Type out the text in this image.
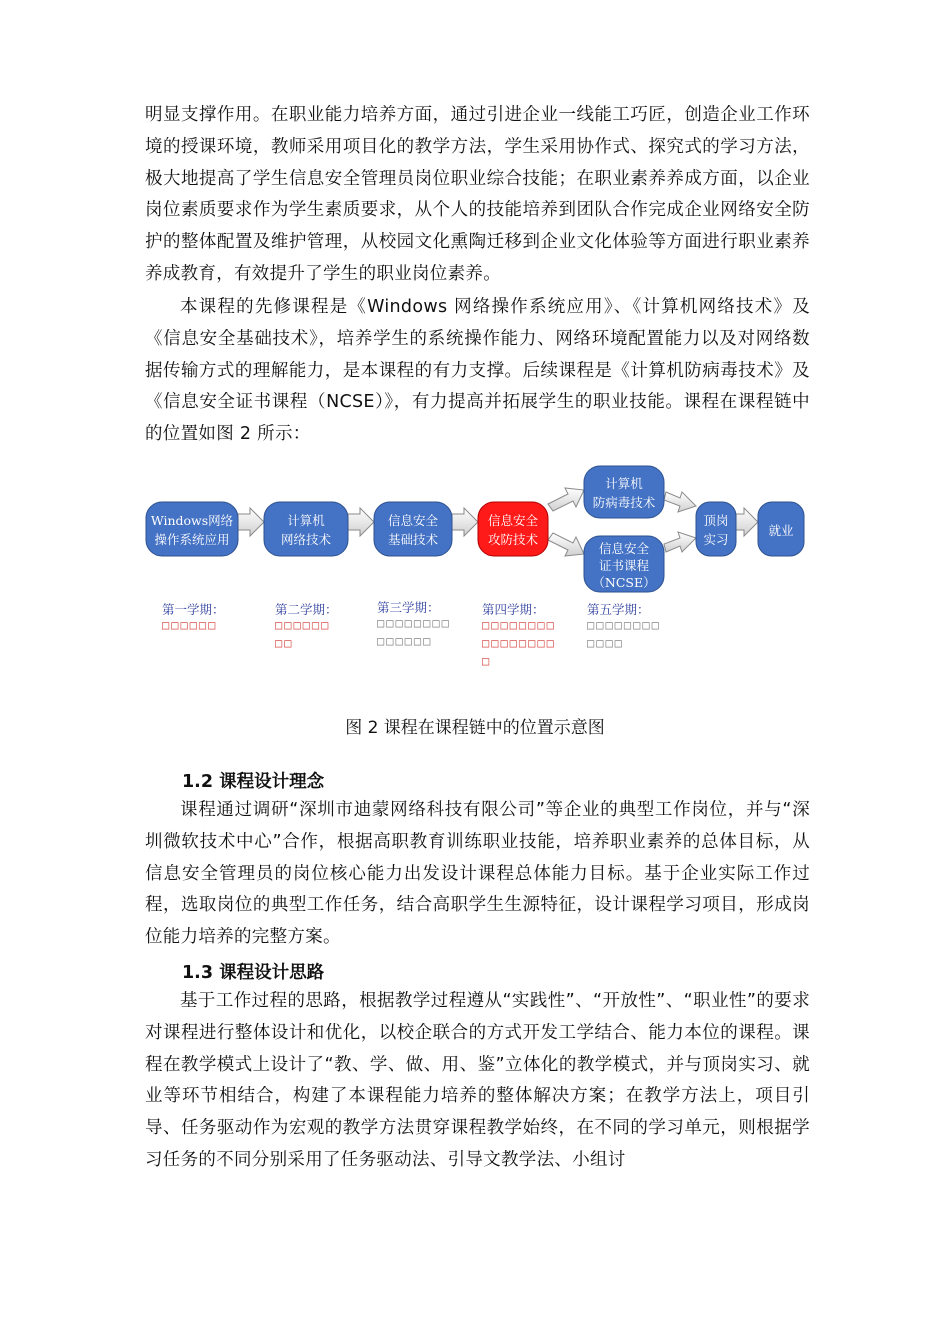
明显支撑作用。在职业能力培养方面，通过引进企业一线能工巧匠，创造企业工作环境的授课环境，教师采用项目化的教学方法，学生采用协作式、探究式的学习方法，极大地提高了学生信息安全管理员岗位职业综合技能；在职业素养养成方面，以企业岗位素质要求作为学生素质要求，从个人的技能培养到团队合作完成企业网络安全防护的整体配置及维护管理，从校园文化熏陶迁移到企业文化体验等方面进行职业素养养成教育，有效提升了学生的职业岗位素养。

本课程的先修课程是《Windows 网络操作系统应用》、《计算机网络技术》及《信息安全基础技术》，培养学生的系统操作能力、网络环境配置能力以及对网络数据传输方式的理解能力，是本课程的有力支撑。后续课程是《计算机防病毒技术》及《信息安全证书课程（NCSE）》，有力提高并拓展学生的职业技能。课程在课程链中的位置如图 2 所示：

Windows网络
操作系统应用
计算机
网络技术
信息安全
基础技术
信息安全
攻防技术
计算机
防病毒技术
信息安全
证书课程
（NCSE）
顶岗
实习
就业
第一学期：
□□□□□□
第二学期：
□□□□□□□□
第三学期：
□□□□□□□□□□□□□□
第四学期：
□□□□□□□□□□□□□□□□□
第五学期：
□□□□□□□□□□□□

图 2 课程在课程链中的位置示意图

1.2 课程设计理念

课程通过调研“深圳市迪蒙网络科技有限公司”等企业的典型工作岗位，并与“深圳微软技术中心”合作，根据高职教育训练职业技能，培养职业素养的总体目标，从信息安全管理员的岗位核心能力出发设计课程总体能力目标。基于企业实际工作过程，选取岗位的典型工作任务，结合高职学生生源特征，设计课程学习项目，形成岗位能力培养的完整方案。

1.3 课程设计思路

基于工作过程的思路，根据教学过程遵从“实践性”、“开放性”、“职业性”的要求对课程进行整体设计和优化，以校企联合的方式开发工学结合、能力本位的课程。课程在教学模式上设计了“教、学、做、用、鉴”立体化的教学模式，并与顶岗实习、就业等环节相结合，构建了本课程能力培养的整体解决方案；在教学方法上，项目引导、任务驱动作为宏观的教学方法贯穿课程教学始终，在不同的学习单元，则根据学习任务的不同分别采用了任务驱动法、引导文教学法、小组讨
